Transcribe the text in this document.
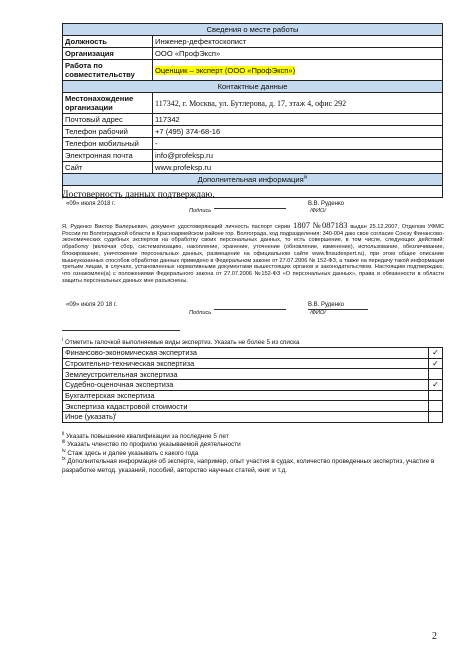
Сведения о месте работы	
Должность	Инженер-дефектоскопист
Организация	ООО «ПрофЭксп»
Работа по совместительству	Оценщик – эксперт (ООО «ПрофЭксп»)
Контактные данные	
Местонахождение организации	117342, г. Москва, ул. Бутлерова, д. 17, этаж 4, офис 292
Почтовый адрес	117342
Телефон рабочий	+7 (495) 374-68-16
Телефон мобильный	-
Электронная почта	info@profeksp.ru
Сайт	www.profeksp.ru
Дополнительная информация$^{ix}$

Достоверность данных подтверждаю.
«09» июля 2018 г.	В.В. Руденко
Подпись	/ФИО/
Я, Руденко Виктор Валерьевич, документ удостоверяющий личность паспорт серии 1807 №087183 выдан 25.12.2007, Отделом УФМС России по Волгоградской области в Красноармейском районе гор. Волгограда, код подразделения: 340-004 даю свое согласие Союзу Финансово-экономических судебных экспертов на обработку своих персональных данных, то есть совершение, в том числе, следующих действий: обработку (включая сбор, систематизацию, накопление, хранение, уточнение (обновление, изменение), использование, обезличивание, блокирование, уничтожение персональных данных, размещение на официальном сайте www.finsudexpert.ru), при этом общее описание вышеуказанных способов обработки данных приведено в Федеральном законе от 27.07.2006 № 152-ФЗ, а также на передачу такой информации третьим лицам, в случаях, установленных нормативными документами вышестоящих органов и законодательством. Настоящим подтверждаю, что ознакомлен(а) с положениями Федерального закона от 27.07.2006 №152-ФЗ «О персональных данных», права и обязанности в области защиты персональных данных мне разъяснены.
«09» июля 20 18 г.	В.В. Руденко
Подпись	/ФИО/
$^i$ Отметить галочкой выполняемые виды экспертиз. Указать не более 5 из списка
Финансово-экономическая экспертиза	✓
Строительно-техническая экспертиза	✓
Землеустроительная экспертиза	
Судебно-оценочная экспертиза	✓
Бухгалтерская экспертиза	
Экспертиза кадастровой стоимости	
Иное (указать)$^i$	
$^{ii}$ Указать повышение квалификации за последние 5 лет
$^{iii}$ Указать членство по профилю указываемой деятельности
$^{iv}$ Стаж здесь и далее указывать с какого года
$^{ix}$ Дополнительная информация об эксперте, например, опыт участия в судах, количество проведенных экспертиз, участие в разработке метод. указаний, пособий, авторство научных статей, книг и т.д.
2
